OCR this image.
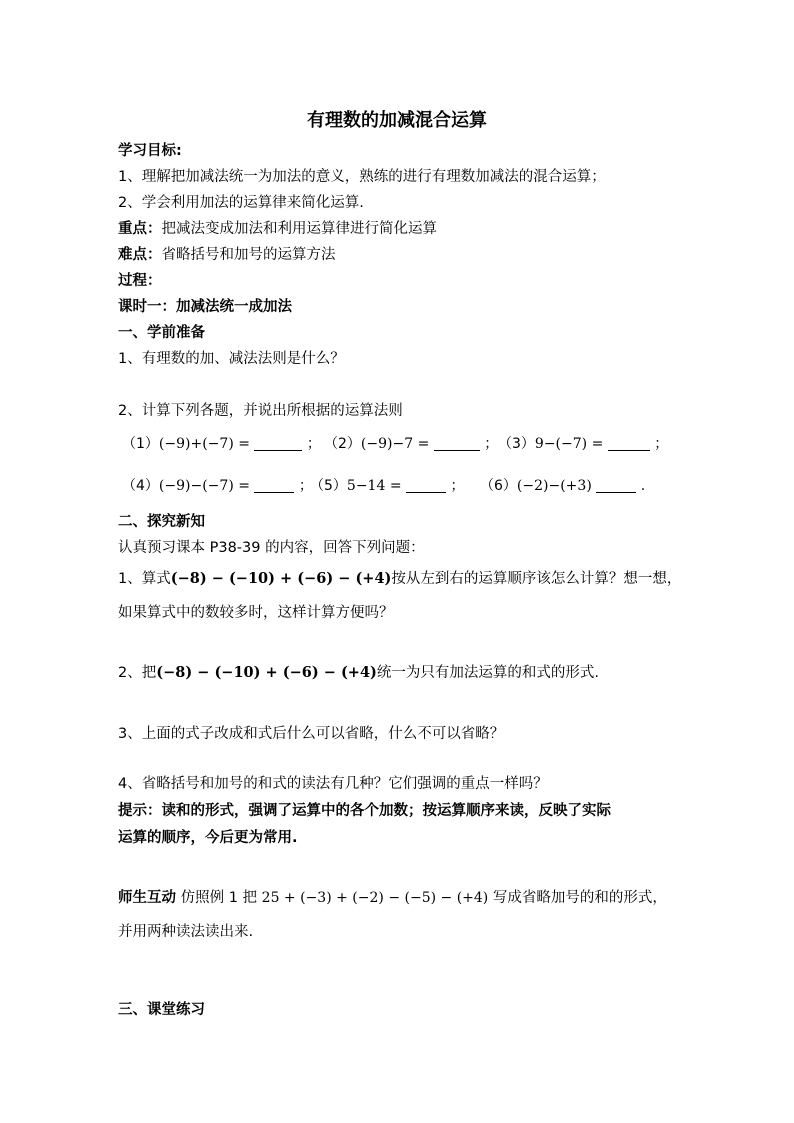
有理数的加减混合运算
学习目标:
1、理解把加减法统一为加法的意义，熟练的进行有理数加减法的混合运算；
2、学会利用加法的运算律来简化运算.
重点：把减法变成加法和利用运算律进行简化运算
难点：省略括号和加号的运算方法
过程：
课时一：加减法统一成加法
一、学前准备
1、有理数的加、减法法则是什么？
2、计算下列各题，并说出所根据的运算法则
（1）(−9)+(−7) =	； （2）(−9)−7 =	； （3）9−(−7) =	；
（4）(−9)−(−7) =	；
（5）5−14 =	； （6）(−2)−(+3)	.
二、探究新知
认真预习课本 P38-39 的内容，回答下列问题：
1、算式(−8) − (−10) + (−6) − (+4)按从左到右的运算顺序该怎么计算？想一想，
如果算式中的数较多时，这样计算方便吗？
2、把(−8) − (−10) + (−6) − (+4)统一为只有加法运算的和式的形式.
3、上面的式子改成和式后什么可以省略，什么不可以省略？
4、省略括号和加号的和式的读法有几种？它们强调的重点一样吗？
提示：读和的形式，强调了运算中的各个加数；按运算顺序来读，反映了实际
运算的顺序，今后更为常用.
师生互动 仿照例 1 把 25 + (−3) + (−2) − (−5) − (+4) 写成省略加号的和的形式，
并用两种读法读出来.
三、课堂练习
